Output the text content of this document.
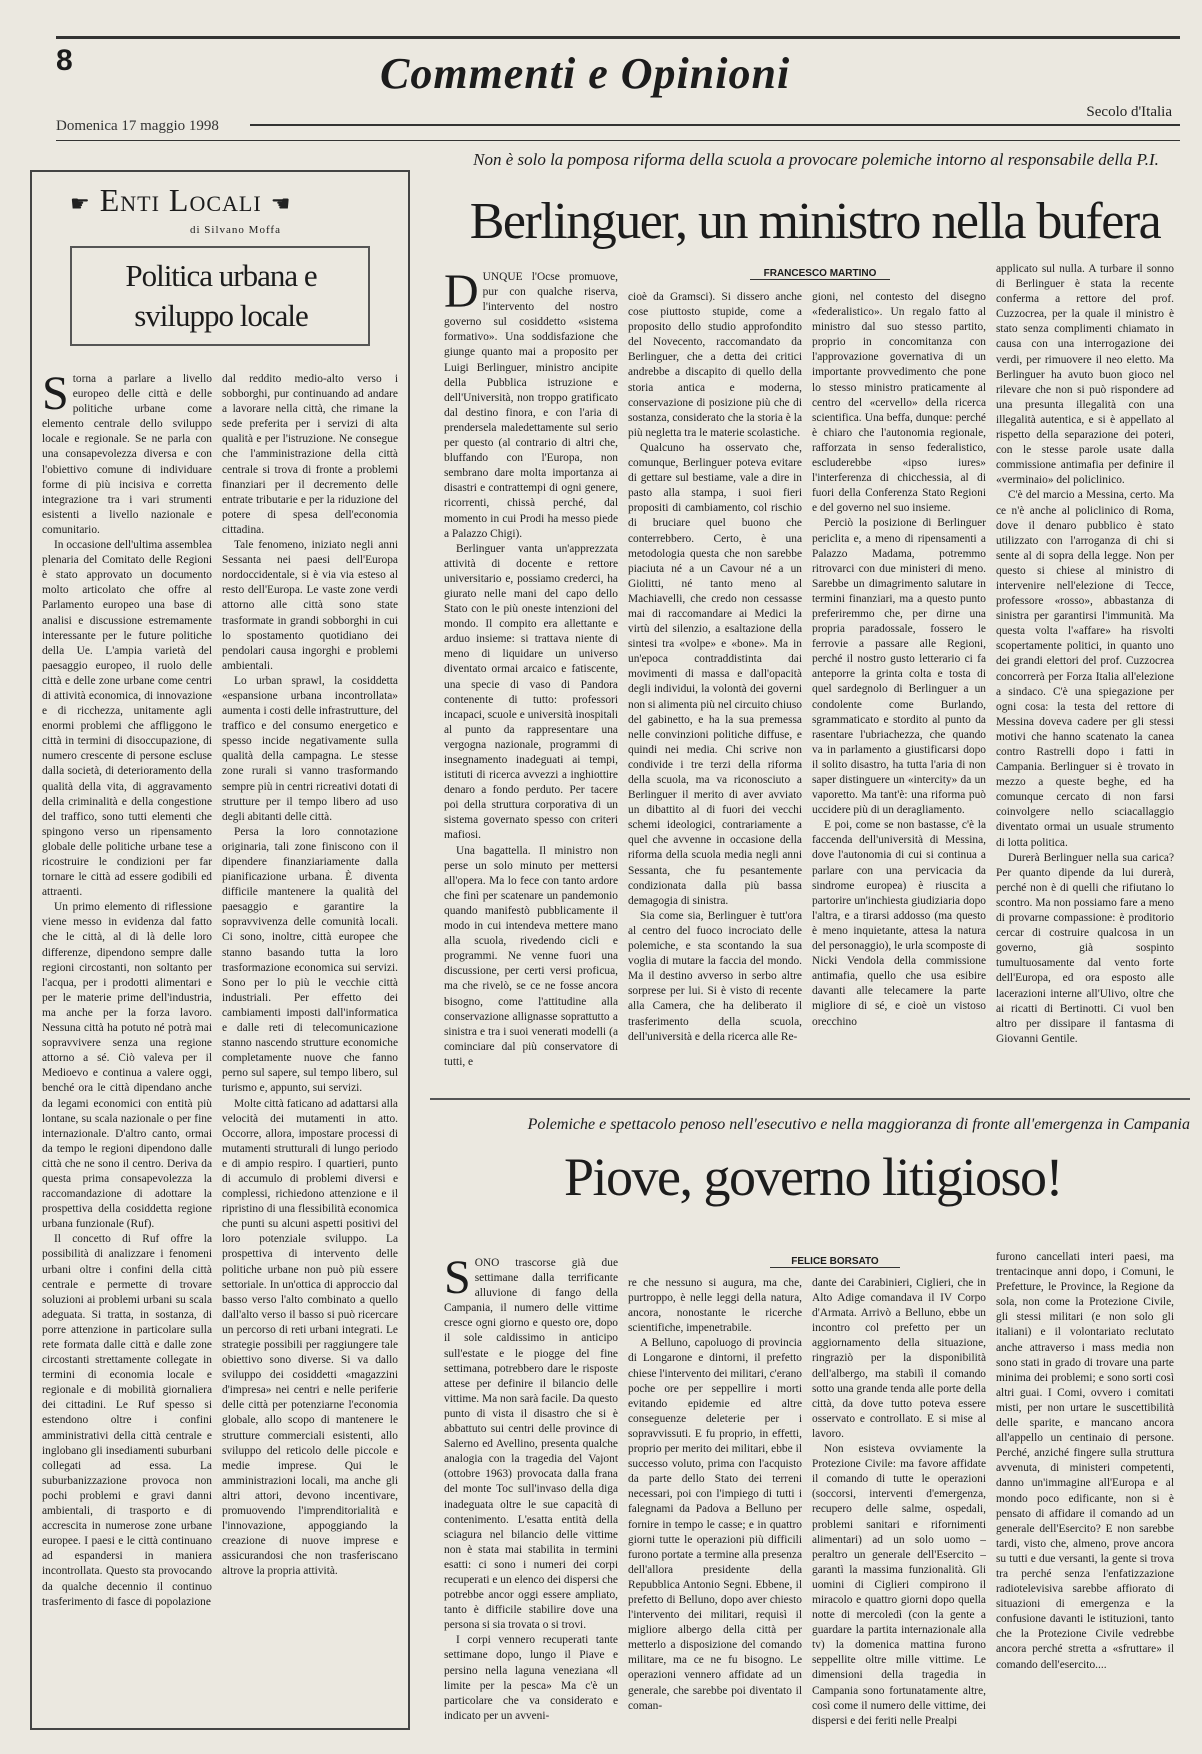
8	Commenti e Opinioni
Secolo d'Italia
Domenica 17 maggio 1998
☛ Enti Locali ☚
di Silvano Moffa
Politica urbana e sviluppo locale

Storna a parlare a livello europeo delle città e delle politiche urbane come elemento centrale dello sviluppo locale e regionale. Se ne parla con una consapevolezza diversa e con l'obiettivo comune di individuare forme di più incisiva e corretta integrazione tra i vari strumenti esistenti a livello nazionale e comunitario.

In occasione dell'ultima assemblea plenaria del Comitato delle Regioni è stato approvato un documento molto articolato che offre al Parlamento europeo una base di analisi e discussione estremamente interessante per le future politiche della Ue. L'ampia varietà del paesaggio europeo, il ruolo delle città e delle zone urbane come centri di attività economica, di innovazione e di ricchezza, unitamente agli enormi problemi che affliggono le città in termini di disoccupazione, di numero crescente di persone escluse dalla società, di deterioramento della qualità della vita, di aggravamento della criminalità e della congestione del traffico, sono tutti elementi che spingono verso un ripensamento globale delle politiche urbane tese a ricostruire le condizioni per far tornare le città ad essere godibili ed attraenti.

Un primo elemento di riflessione viene messo in evidenza dal fatto che le città, al di là delle loro differenze, dipendono sempre dalle regioni circostanti, non soltanto per l'acqua, per i prodotti alimentari e per le materie prime dell'industria, ma anche per la forza lavoro. Nessuna città ha potuto né potrà mai sopravvivere senza una regione attorno a sé. Ciò valeva per il Medioevo e continua a valere oggi, benché ora le città dipendano anche da legami economici con entità più lontane, su scala nazionale o per fine internazionale. D'altro canto, ormai da tempo le regioni dipendono dalle città che ne sono il centro. Deriva da questa prima consapevolezza la raccomandazione di adottare la prospettiva della cosiddetta regione urbana funzionale (Ruf).

Il concetto di Ruf offre la possibilità di analizzare i fenomeni urbani oltre i confini della città centrale e permette di trovare soluzioni ai problemi urbani su scala adeguata. Si tratta, in sostanza, di porre attenzione in particolare sulla rete formata dalle città e dalle zone circostanti strettamente collegate in termini di economia locale e regionale e di mobilità giornaliera dei cittadini. Le Ruf spesso si estendono oltre i confini amministrativi della città centrale e inglobano gli insediamenti suburbani collegati ad essa. La suburbanizzazione provoca non pochi problemi e gravi danni ambientali, di trasporto e di accrescita in numerose zone urbane europee. I paesi e le città continuano ad espandersi in maniera incontrollata. Questo sta provocando da qualche decennio il continuo trasferimento di fasce di popolazione

dal reddito medio-alto verso i sobborghi, pur continuando ad andare a lavorare nella città, che rimane la sede preferita per i servizi di alta qualità e per l'istruzione. Ne consegue che l'amministrazione della città centrale si trova di fronte a problemi finanziari per il decremento delle entrate tributarie e per la riduzione del potere di spesa dell'economia cittadina.

Tale fenomeno, iniziato negli anni Sessanta nei paesi dell'Europa nordoccidentale, si è via via esteso al resto dell'Europa. Le vaste zone verdi attorno alle città sono state trasformate in grandi sobborghi in cui lo spostamento quotidiano dei pendolari causa ingorghi e problemi ambientali.

Lo urban sprawl, la cosiddetta «espansione urbana incontrollata» aumenta i costi delle infrastrutture, del traffico e del consumo energetico e spesso incide negativamente sulla qualità della campagna. Le stesse zone rurali si vanno trasformando sempre più in centri ricreativi dotati di strutture per il tempo libero ad uso degli abitanti delle città.

Persa la loro connotazione originaria, tali zone finiscono con il dipendere finanziariamente dalla pianificazione urbana. È diventa difficile mantenere la qualità del paesaggio e garantire la sopravvivenza delle comunità locali. Ci sono, inoltre, città europee che stanno basando tutta la loro trasformazione economica sui servizi. Sono per lo più le vecchie città industriali. Per effetto dei cambiamenti imposti dall'informatica e dalle reti di telecomunicazione stanno nascendo strutture economiche completamente nuove che fanno perno sul sapere, sul tempo libero, sul turismo e, appunto, sui servizi.

Molte città faticano ad adattarsi alla velocità dei mutamenti in atto. Occorre, allora, impostare processi di mutamenti strutturali di lungo periodo e di ampio respiro. I quartieri, punto di accumulo di problemi diversi e complessi, richiedono attenzione e il ripristino di una flessibilità economica che punti su alcuni aspetti positivi del loro potenziale sviluppo. La prospettiva di intervento delle politiche urbane non può più essere settoriale. In un'ottica di approccio dal basso verso l'alto combinato a quello dall'alto verso il basso si può ricercare un percorso di reti urbani integrati. Le strategie possibili per raggiungere tale obiettivo sono diverse. Si va dallo sviluppo dei cosiddetti «magazzini d'impresa» nei centri e nelle periferie delle città per potenziarne l'economia globale, allo scopo di mantenere le strutture commerciali esistenti, allo sviluppo del reticolo delle piccole e medie imprese. Qui le amministrazioni locali, ma anche gli altri attori, devono incentivare, promuovendo l'imprenditorialità e l'innovazione, appoggiando la creazione di nuove imprese e assicurandosi che non trasferiscano altrove la propria attività.

Non è solo la pomposa riforma della scuola a provocare polemiche intorno al responsabile della P.I.
Berlinguer, un ministro nella bufera
FRANCESCO MARTINO

DUNQUE l'Ocse promuove, pur con qualche riserva, l'intervento del nostro governo sul cosiddetto «sistema formativo». Una soddisfazione che giunge quanto mai a proposito per Luigi Berlinguer, ministro ancipite della Pubblica istruzione e dell'Università, non troppo gratificato dal destino finora, e con l'aria di prendersela maledettamente sul serio per questo (al contrario di altri che, bluffando con l'Europa, non sembrano dare molta importanza ai disastri e contrattempi di ogni genere, ricorrenti, chissà perché, dal momento in cui Prodi ha messo piede a Palazzo Chigi).

Berlinguer vanta un'apprezzata attività di docente e rettore universitario e, possiamo crederci, ha giurato nelle mani del capo dello Stato con le più oneste intenzioni del mondo. Il compito era allettante e arduo insieme: si trattava niente di meno di liquidare un universo diventato ormai arcaico e fatiscente, una specie di vaso di Pandora contenente di tutto: professori incapaci, scuole e università inospitali al punto da rappresentare una vergogna nazionale, programmi di insegnamento inadeguati ai tempi, istituti di ricerca avvezzi a inghiottire denaro a fondo perduto. Per tacere poi della struttura corporativa di un sistema governato spesso con criteri mafiosi.

Una bagattella. Il ministro non perse un solo minuto per mettersi all'opera. Ma lo fece con tanto ardore che finì per scatenare un pandemonio quando manifestò pubblicamente il modo in cui intendeva mettere mano alla scuola, rivedendo cicli e programmi. Ne venne fuori una discussione, per certi versi proficua, ma che rivelò, se ce ne fosse ancora bisogno, come l'attitudine alla conservazione allignasse soprattutto a sinistra e tra i suoi venerati modelli (a cominciare dal più conservatore di tutti, e

cioè da Gramsci). Si dissero anche cose piuttosto stupide, come a proposito dello studio approfondito del Novecento, raccomandato da Berlinguer, che a detta dei critici andrebbe a discapito di quello della storia antica e moderna, conservazione di posizione più che di sostanza, considerato che la storia è la più negletta tra le materie scolastiche.

Qualcuno ha osservato che, comunque, Berlinguer poteva evitare di gettare sul bestiame, vale a dire in pasto alla stampa, i suoi fieri propositi di cambiamento, col rischio di bruciare quel buono che conterrebbero. Certo, è una metodologia questa che non sarebbe piaciuta né a un Cavour né a un Giolitti, né tanto meno al Machiavelli, che credo non cessasse mai di raccomandare ai Medici la virtù del silenzio, a esaltazione della sintesi tra «volpe» e «bone». Ma in un'epoca contraddistinta dai movimenti di massa e dall'opacità degli individui, la volontà dei governi non si alimenta più nel circuito chiuso del gabinetto, e ha la sua premessa nelle convinzioni politiche diffuse, e quindi nei media. Chi scrive non condivide i tre terzi della riforma della scuola, ma va riconosciuto a Berlinguer il merito di aver avviato un dibattito al di fuori dei vecchi schemi ideologici, contrariamente a quel che avvenne in occasione della riforma della scuola media negli anni Sessanta, che fu pesantemente condizionata dalla più bassa demagogia di sinistra.

Sia come sia, Berlinguer è tutt'ora al centro del fuoco incrociato delle polemiche, e sta scontando la sua voglia di mutare la faccia del mondo. Ma il destino avverso in serbo altre sorprese per lui. Si è visto di recente alla Camera, che ha deliberato il trasferimento della scuola, dell'università e della ricerca alle Re-

gioni, nel contesto del disegno «federalistico». Un regalo fatto al ministro dal suo stesso partito, proprio in concomitanza con l'approvazione governativa di un importante provvedimento che pone lo stesso ministro praticamente al centro del «cervello» della ricerca scientifica. Una beffa, dunque: perché è chiaro che l'autonomia regionale, rafforzata in senso federalistico, escluderebbe «ipso iures» l'interferenza di chicchessia, al di fuori della Conferenza Stato Regioni e del governo nel suo insieme.

Perciò la posizione di Berlinguer periclita e, a meno di ripensamenti a Palazzo Madama, potremmo ritrovarci con due ministeri di meno. Sarebbe un dimagrimento salutare in termini finanziari, ma a questo punto preferiremmo che, per dirne una propria paradossale, fossero le ferrovie a passare alle Regioni, perché il nostro gusto letterario ci fa anteporre la grinta colta e tosta di quel sardegnolo di Berlinguer a un condolente come Burlando, sgrammaticato e stordito al punto da rasentare l'ubriachezza, che quando va in parlamento a giustificarsi dopo il solito disastro, ha tutta l'aria di non saper distinguere un «intercity» da un vaporetto. Ma tant'è: una riforma può uccidere più di un deragliamento.

E poi, come se non bastasse, c'è la faccenda dell'università di Messina, dove l'autonomia di cui si continua a parlare con una pervicacia da sindrome europea) è riuscita a partorire un'inchiesta giudiziaria dopo l'altra, e a tirarsi addosso (ma questo è meno inquietante, attesa la natura del personaggio), le urla scomposte di Nicki Vendola della commissione antimafia, quello che usa esibire davanti alle telecamere la parte migliore di sé, e cioè un vistoso orecchino

applicato sul nulla. A turbare il sonno di Berlinguer è stata la recente conferma a rettore del prof. Cuzzocrea, per la quale il ministro è stato senza complimenti chiamato in causa con una interrogazione dei verdi, per rimuovere il neo eletto. Ma Berlinguer ha avuto buon gioco nel rilevare che non si può rispondere ad una presunta illegalità con una illegalità autentica, e si è appellato al rispetto della separazione dei poteri, con le stesse parole usate dalla commissione antimafia per definire il «verminaio» del policlinico.

C'è del marcio a Messina, certo. Ma ce n'è anche al policlinico di Roma, dove il denaro pubblico è stato utilizzato con l'arroganza di chi si sente al di sopra della legge. Non per questo si chiese al ministro di intervenire nell'elezione di Tecce, professore «rosso», abbastanza di sinistra per garantirsi l'immunità. Ma questa volta l'«affare» ha risvolti scopertamente politici, in quanto uno dei grandi elettori del prof. Cuzzocrea concorrerà per Forza Italia all'elezione a sindaco. C'è una spiegazione per ogni cosa: la testa del rettore di Messina doveva cadere per gli stessi motivi che hanno scatenato la canea contro Rastrelli dopo i fatti in Campania. Berlinguer si è trovato in mezzo a queste beghe, ed ha comunque cercato di non farsi coinvolgere nello sciacallaggio diventato ormai un usuale strumento di lotta politica.

Durerà Berlinguer nella sua carica? Per quanto dipende da lui durerà, perché non è di quelli che rifiutano lo scontro. Ma non possiamo fare a meno di provarne compassione: è proditorio cercar di costruire qualcosa in un governo, già sospinto tumultuosamente dal vento forte dell'Europa, ed ora esposto alle lacerazioni interne all'Ulivo, oltre che ai ricatti di Bertinotti. Ci vuol ben altro per dissipare il fantasma di Giovanni Gentile.

Polemiche e spettacolo penoso nell'esecutivo e nella maggioranza di fronte all'emergenza in Campania
Piove, governo litigioso!
FELICE BORSATO

SONO trascorse già due settimane dalla terrificante alluvione di fango della Campania, il numero delle vittime cresce ogni giorno e questo ore, dopo il sole caldissimo in anticipo sull'estate e le piogge del fine settimana, potrebbero dare le risposte attese per definire il bilancio delle vittime. Ma non sarà facile. Da questo punto di vista il disastro che si è abbattuto sui centri delle province di Salerno ed Avellino, presenta qualche analogia con la tragedia del Vajont (ottobre 1963) provocata dalla frana del monte Toc sull'invaso della diga inadeguata oltre le sue capacità di contenimento. L'esatta entità della sciagura nel bilancio delle vittime non è stata mai stabilita in termini esatti: ci sono i numeri dei corpi recuperati e un elenco dei dispersi che potrebbe ancor oggi essere ampliato, tanto è difficile stabilire dove una persona si sia trovata o si trovi.

I corpi vennero recuperati tante settimane dopo, lungo il Piave e persino nella laguna veneziana «ll limite per la pesca» Ma c'è un particolare che va considerato e indicato per un avveni-

re che nessuno si augura, ma che, purtroppo, è nelle leggi della natura, ancora, nonostante le ricerche scientifiche, impenetrabile.

A Belluno, capoluogo di provincia di Longarone e dintorni, il prefetto chiese l'intervento dei militari, c'erano poche ore per seppellire i morti evitando epidemie ed altre conseguenze deleterie per i sopravvissuti. E fu proprio, in effetti, proprio per merito dei militari, ebbe il successo voluto, prima con l'acquisto da parte dello Stato dei terreni necessari, poi con l'impiego di tutti i falegnami da Padova a Belluno per fornire in tempo le casse; e in quattro giorni tutte le operazioni più difficili furono portate a termine alla presenza dell'allora presidente della Repubblica Antonio Segni. Ebbene, il prefetto di Belluno, dopo aver chiesto l'intervento dei militari, requisì il migliore albergo della città per metterlo a disposizione del comando militare, ma ce ne fu bisogno. Le operazioni vennero affidate ad un generale, che sarebbe poi diventato il coman-

dante dei Carabinieri, Ciglieri, che in Alto Adige comandava il IV Corpo d'Armata. Arrivò a Belluno, ebbe un incontro col prefetto per un aggiornamento della situazione, ringraziò per la disponibilità dell'albergo, ma stabilì il comando sotto una grande tenda alle porte della città, da dove tutto poteva essere osservato e controllato. E si mise al lavoro.

Non esisteva ovviamente la Protezione Civile: ma favore affidate il comando di tutte le operazioni (soccorsi, interventi d'emergenza, recupero delle salme, ospedali, problemi sanitari e rifornimenti alimentari) ad un solo uomo – peraltro un generale dell'Esercito – garantì la massima funzionalità. Gli uomini di Ciglieri compirono il miracolo e quattro giorni dopo quella notte di mercoledì (con la gente a guardare la partita internazionale alla tv) la domenica mattina furono seppellite oltre mille vittime. Le dimensioni della tragedia in Campania sono fortunatamente altre, così come il numero delle vittime, dei dispersi e dei feriti nelle Prealpi

furono cancellati interi paesi, ma trentacinque anni dopo, i Comuni, le Prefetture, le Province, la Regione da sola, non come la Protezione Civile, gli stessi militari (e non solo gli italiani) e il volontariato reclutato anche attraverso i mass media non sono stati in grado di trovare una parte minima dei problemi; e sono sorti così altri guai. I Comi, ovvero i comitati misti, per non urtare le suscettibilità delle sparite, e mancano ancora all'appello un centinaio di persone. Perché, anziché fingere sulla struttura avvenuta, di ministeri competenti, danno un'immagine all'Europa e al mondo poco edificante, non si è pensato di affidare il comando ad un generale dell'Esercito? E non sarebbe tardi, visto che, almeno, prove ancora su tutti e due versanti, la gente si trova tra perché senza l'enfatizzazione radiotelevisiva sarebbe affiorato di situazioni di emergenza e la confusione davanti le istituzioni, tanto che la Protezione Civile vedrebbe ancora perché stretta a «sfruttare» il comando dell'esercito....
